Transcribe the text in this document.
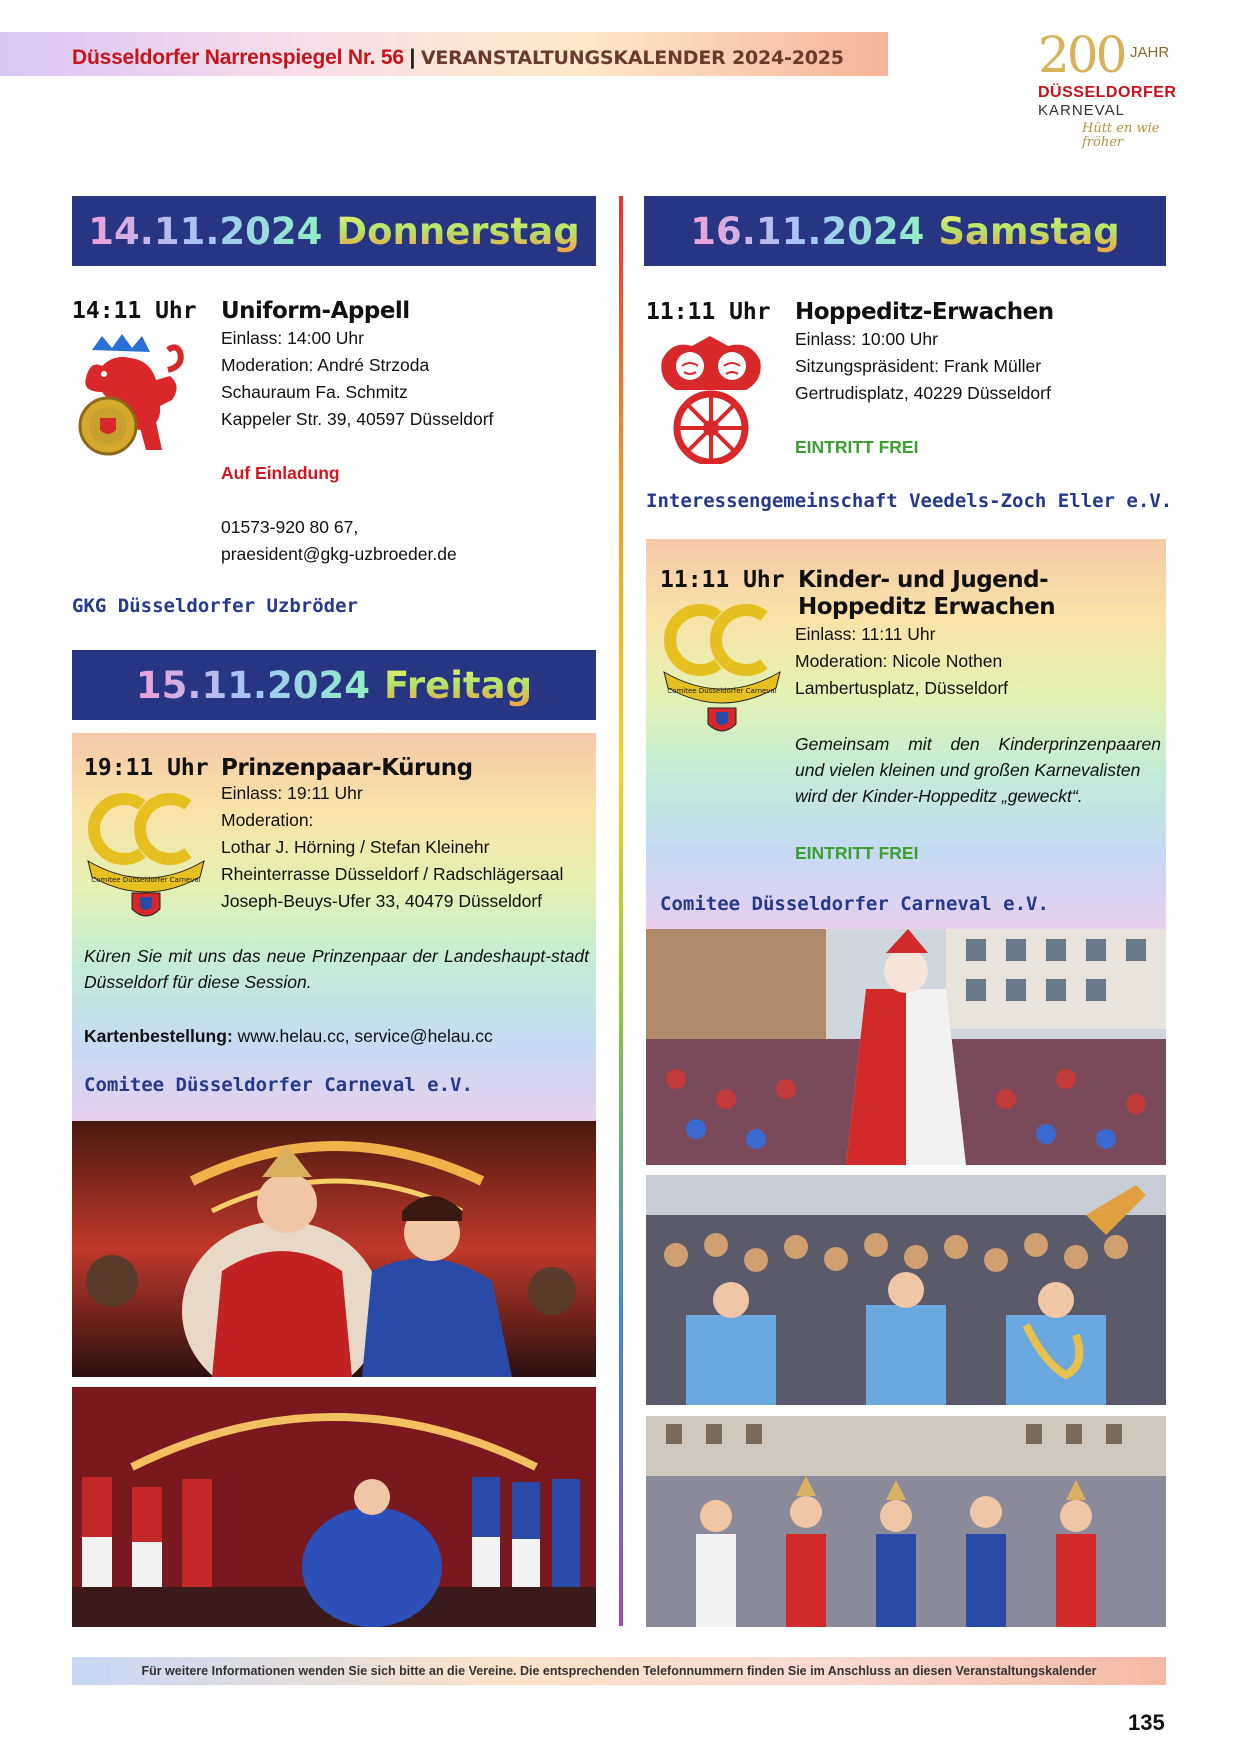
Düsseldorfer Narrenspiegel Nr. 56 | VERANSTALTUNGSKALENDER 2024-2025	200 JAHR
DÜSSELDORFER
KARNEVAL
Hütt en wie fröher
14.11.2024 Donnerstag
14:11 Uhr Uniform-Appell
Einlass: 14:00 Uhr
Moderation: André Strzoda
Schauraum Fa. Schmitz
Kappeler Str. 39, 40597 Düsseldorf
Auf Einladung
01573-920 80 67,
praesident@gkg-uzbroeder.de
GKG Düsseldorfer Uzbröder
15.11.2024 Freitag
19:11 Uhr Prinzenpaar-Kürung
Comitee Düsseldorfer Carneval
Einlass: 19:11 Uhr
Moderation:
Lothar J. Hörning / Stefan Kleinehr
Rheinterrasse Düsseldorf / Radschlägersaal
Joseph-Beuys-Ufer 33, 40479 Düsseldorf
Küren Sie mit uns das neue Prinzenpaar der Landeshaupt-stadt Düsseldorf für diese Session.
Kartenbestellung: www.helau.cc, service@helau.cc
Comitee Düsseldorfer Carneval e.V.
16.11.2024 Samstag
11:11 Uhr Hoppeditz-Erwachen
Einlass: 10:00 Uhr
Sitzungspräsident: Frank Müller
Gertrudisplatz, 40229 Düsseldorf
EINTRITT FREI
Interessengemeinschaft Veedels-Zoch Eller e.V.
11:11 Uhr Kinder- und Jugend-
Hoppeditz Erwachen
Comitee Düsseldorfer Carneval
Einlass: 11:11 Uhr
Moderation: Nicole Nothen
Lambertusplatz, Düsseldorf
Gemeinsam mit den Kinderprinzenpaaren
und vielen kleinen und großen Karnevalisten
wird der Kinder-Hoppeditz „geweckt“.
EINTRITT FREI
Comitee Düsseldorfer Carneval e.V.
Für weitere Informationen wenden Sie sich bitte an die Vereine. Die entsprechenden Telefonnummern finden Sie im Anschluss an diesen Veranstaltungskalender
135
